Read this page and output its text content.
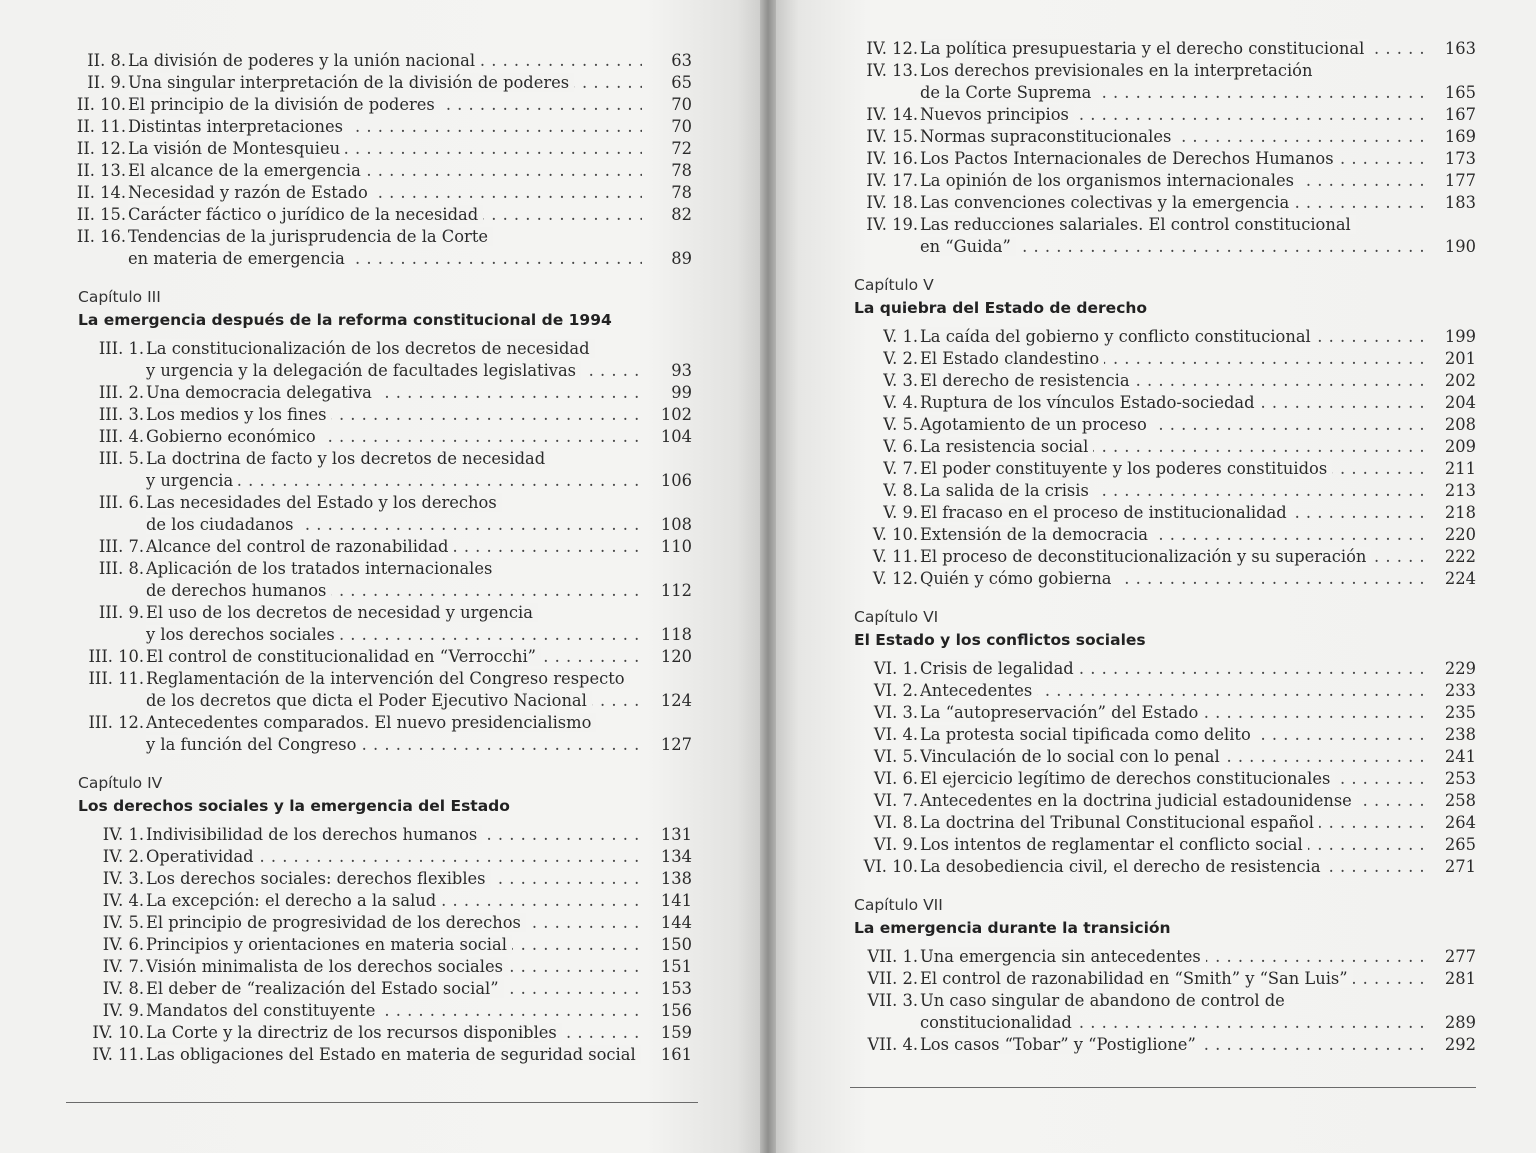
II. 8. La división de poderes y la unión nacional . . .	63
II. 9. Una singular interpretación de la división de poderes . . .	65
II. 10. El principio de la división de poderes . . .	70
II. 11. Distintas interpretaciones . . .	70
II. 12. La visión de Montesquieu . . .	72
II. 13. El alcance de la emergencia . . .	78
II. 14. Necesidad y razón de Estado . . .	78
II. 15. Carácter fáctico o jurídico de la necesidad . . .	82
II. 16. Tendencias de la jurisprudencia de la Corte
en materia de emergencia . . .	89
Capítulo III
La emergencia después de la reforma constitucional de 1994
III. 1. La constitucionalización de los decretos de necesidad
y urgencia y la delegación de facultades legislativas . . .	93
III. 2. Una democracia delegativa . . .	99
III. 3. Los medios y los fines . . .	102
III. 4. Gobierno económico . . .	104
III. 5. La doctrina de facto y los decretos de necesidad
y urgencia . . .	106
III. 6. Las necesidades del Estado y los derechos
de los ciudadanos . . .	108
III. 7. Alcance del control de razonabilidad . . .	110
III. 8. Aplicación de los tratados internacionales
de derechos humanos . . .	112
III. 9. El uso de los decretos de necesidad y urgencia
y los derechos sociales . . .	118
III. 10. El control de constitucionalidad en “Verrocchi” . . .	120
III. 11. Reglamentación de la intervención del Congreso respecto
de los decretos que dicta el Poder Ejecutivo Nacional . . .	124
III. 12. Antecedentes comparados. El nuevo presidencialismo
y la función del Congreso . . .	127
Capítulo IV
Los derechos sociales y la emergencia del Estado
IV. 1. Indivisibilidad de los derechos humanos . . .	131
IV. 2. Operatividad . . .	134
IV. 3. Los derechos sociales: derechos flexibles . . .	138
IV. 4. La excepción: el derecho a la salud . . .	141
IV. 5. El principio de progresividad de los derechos . . .	144
IV. 6. Principios y orientaciones en materia social . . .	150
IV. 7. Visión minimalista de los derechos sociales . . .	151
IV. 8. El deber de “realización del Estado social” . . .	153
IV. 9. Mandatos del constituyente . . .	156
IV. 10. La Corte y la directriz de los recursos disponibles . . .	159
IV. 11. Las obligaciones del Estado en materia de seguridad social . . .	161
IV. 12. La política presupuestaria y el derecho constitucional . . .	163
IV. 13. Los derechos previsionales en la interpretación
de la Corte Suprema . . .	165
IV. 14. Nuevos principios . . .	167
IV. 15. Normas supraconstitucionales . . .	169
IV. 16. Los Pactos Internacionales de Derechos Humanos . . .	173
IV. 17. La opinión de los organismos internacionales . . .	177
IV. 18. Las convenciones colectivas y la emergencia . . .	183
IV. 19. Las reducciones salariales. El control constitucional
en “Guida” . . .	190
Capítulo V
La quiebra del Estado de derecho
V. 1. La caída del gobierno y conflicto constitucional . . .	199
V. 2. El Estado clandestino . . .	201
V. 3. El derecho de resistencia . . .	202
V. 4. Ruptura de los vínculos Estado-sociedad . . .	204
V. 5. Agotamiento de un proceso . . .	208
V. 6. La resistencia social . . .	209
V. 7. El poder constituyente y los poderes constituidos . . .	211
V. 8. La salida de la crisis . . .	213
V. 9. El fracaso en el proceso de institucionalidad . . .	218
V. 10. Extensión de la democracia . . .	220
V. 11. El proceso de deconstitucionalización y su superación . . .	222
V. 12. Quién y cómo gobierna . . .	224
Capítulo VI
El Estado y los conflictos sociales
VI. 1. Crisis de legalidad . . .	229
VI. 2. Antecedentes . . .	233
VI. 3. La “autopreservación” del Estado . . .	235
VI. 4. La protesta social tipificada como delito . . .	238
VI. 5. Vinculación de lo social con lo penal . . .	241
VI. 6. El ejercicio legítimo de derechos constitucionales . . .	253
VI. 7. Antecedentes en la doctrina judicial estadounidense . . .	258
VI. 8. La doctrina del Tribunal Constitucional español . . .	264
VI. 9. Los intentos de reglamentar el conflicto social . . .	265
VI. 10. La desobediencia civil, el derecho de resistencia . . .	271
Capítulo VII
La emergencia durante la transición
VII. 1. Una emergencia sin antecedentes . . .	277
VII. 2. El control de razonabilidad en “Smith” y “San Luis” . . .	281
VII. 3. Un caso singular de abandono de control de
constitucionalidad . . .	289
VII. 4. Los casos “Tobar” y “Postiglione” . . .	292
